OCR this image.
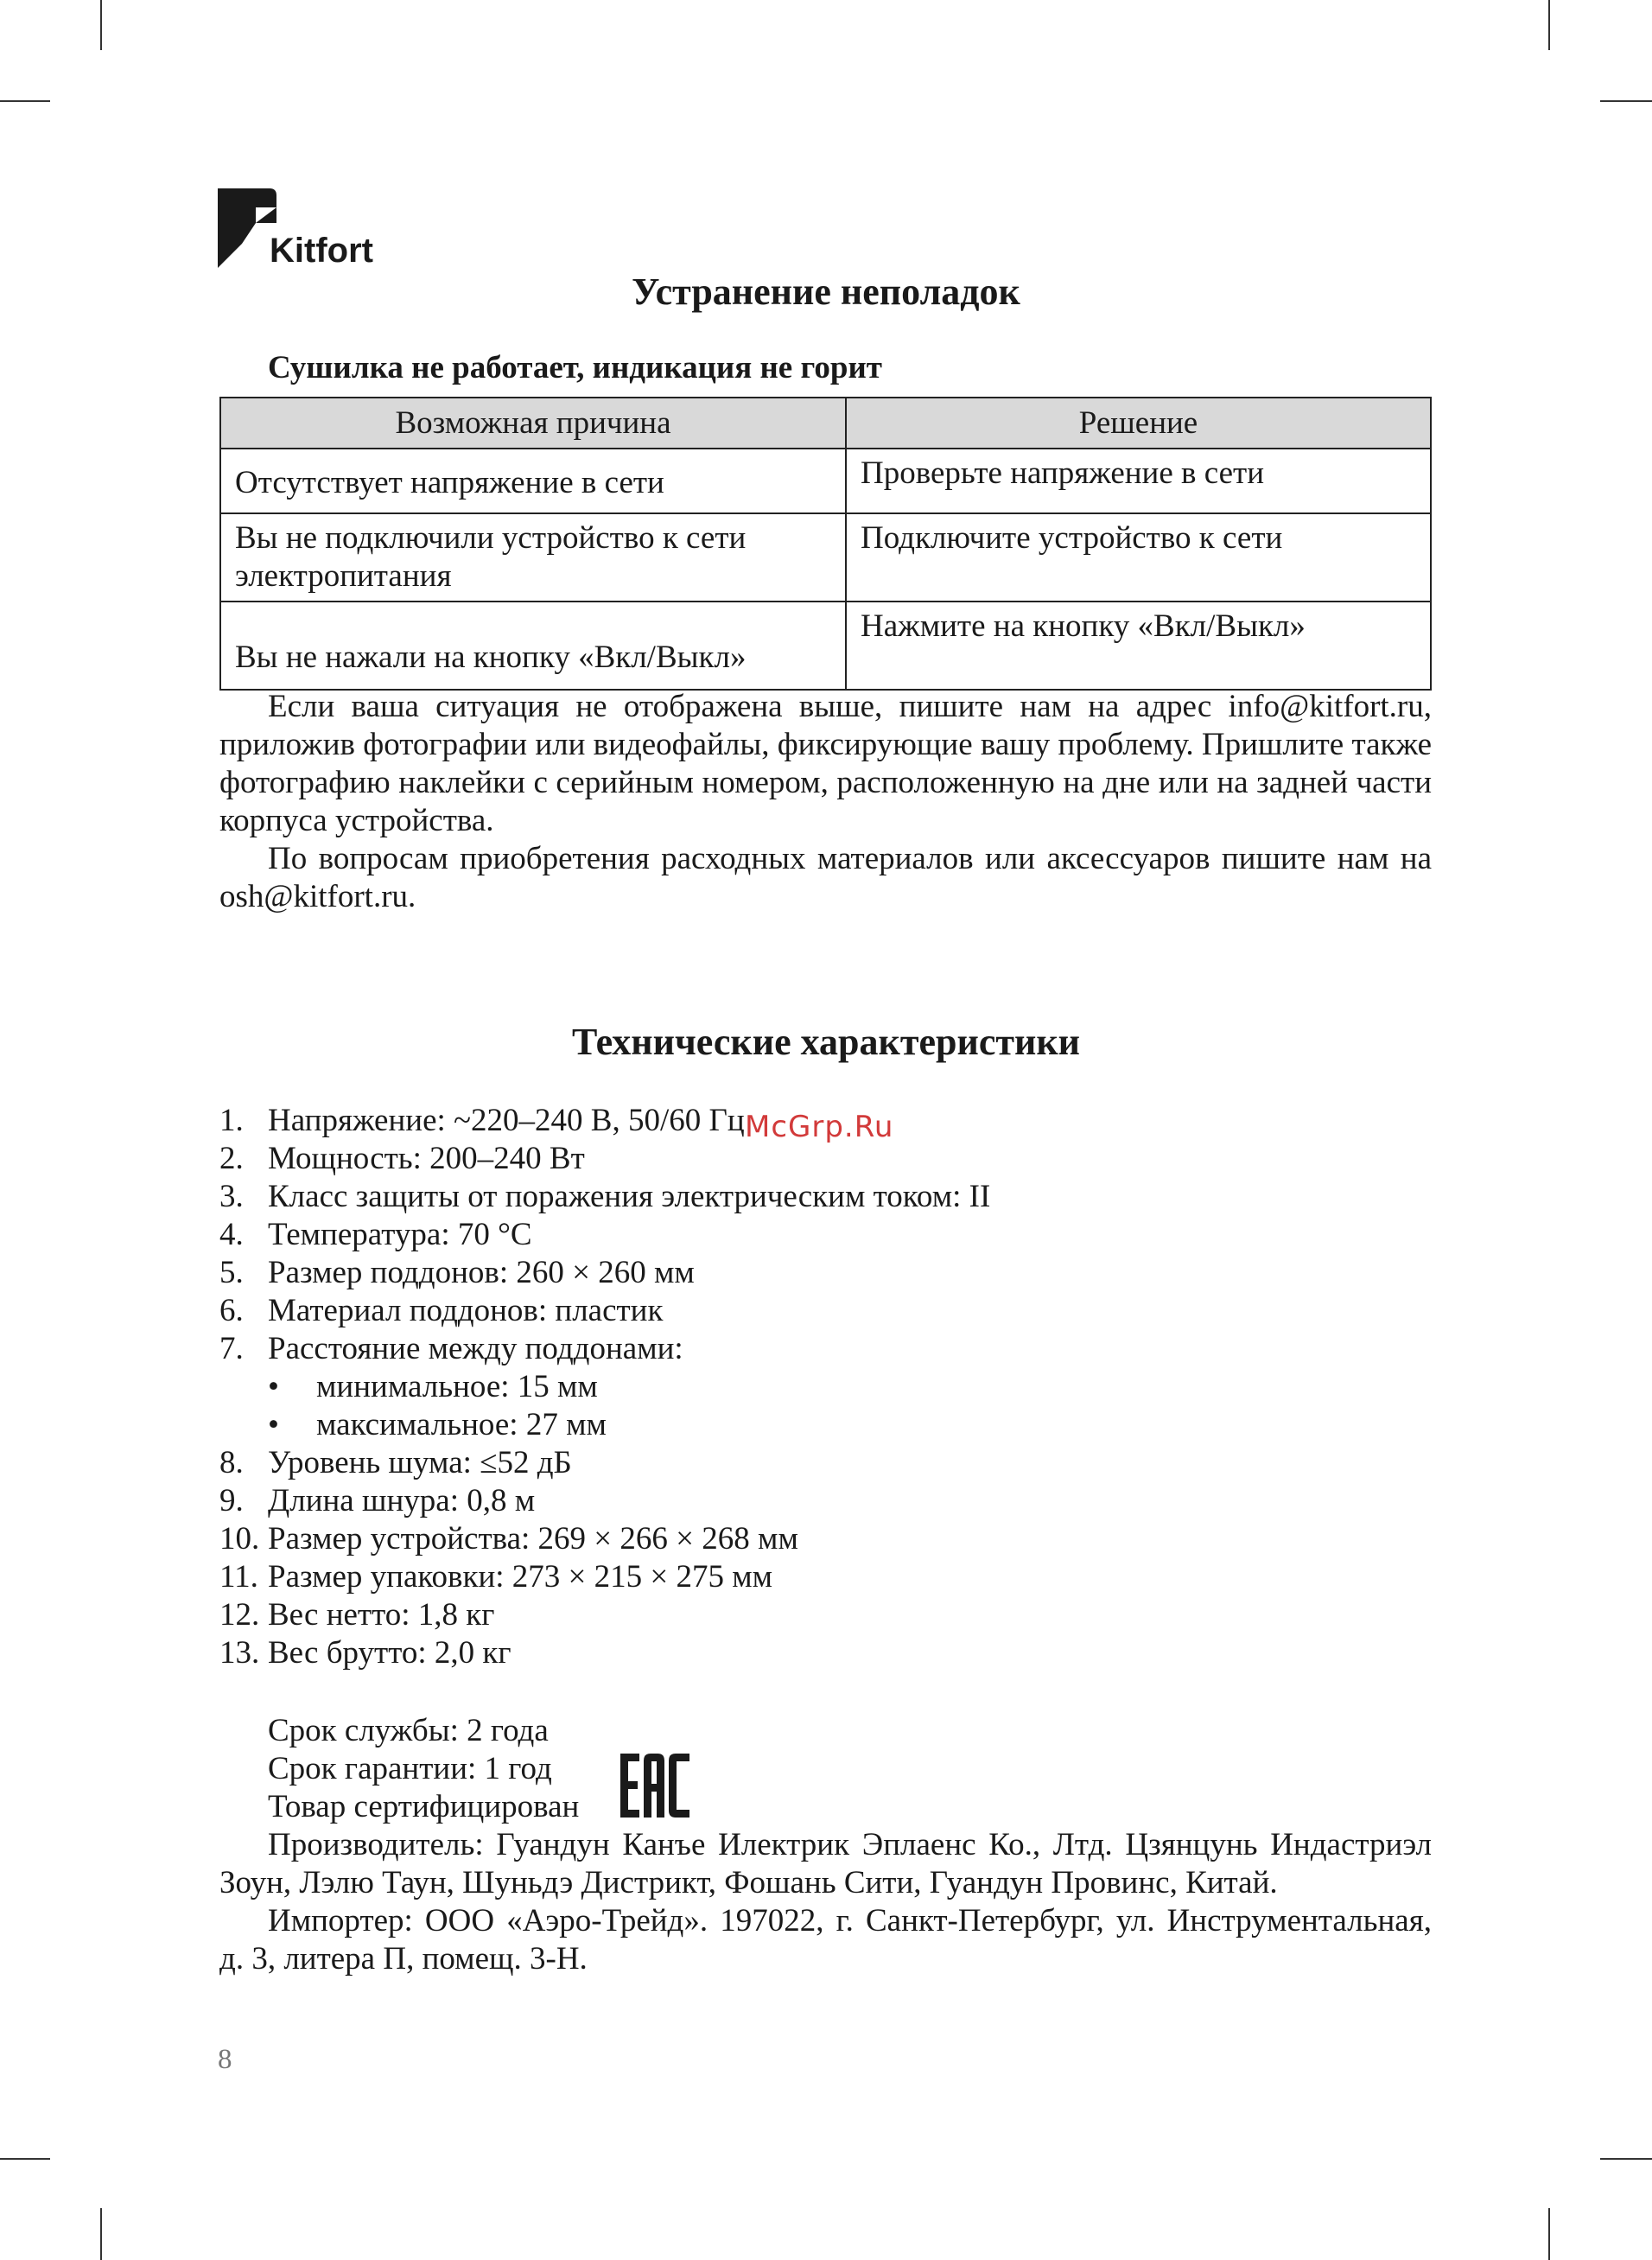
Kitfort
Устранение неполадок

Сушилка не работает, индикация не горит

Возможная причина	Решение
Отсутствует напряжение в сети	Проверьте напряжение в сети
Вы не подключили устройство к сети электропитания	Подключите устройство к сети
Вы не нажали на кнопку «Вкл/Выкл»	Нажмите на кнопку «Вкл/Выкл»

Если ваша ситуация не отображена выше, пишите нам на адрес info@kitfort.ru, приложив фотографии или видеофайлы, фиксирующие вашу проблему. Пришлите также фотографию наклейки с серийным номером, расположенную на дне или на задней части корпуса устройства.

По вопросам приобретения расходных материалов или аксессуаров пишите нам на osh@kitfort.ru.

Технические характеристики
1. Напряжение: ~220–240 В, 50/60 Гц
2. Мощность: 200–240 Вт
3. Класс защиты от поражения электрическим током: II
4. Температура: 70 °C
5. Размер поддонов: 260 × 260 мм
6. Материал поддонов: пластик
7. Расстояние между поддонами:
• минимальное: 15 мм
• максимальное: 27 мм
8. Уровень шума: ≤52 дБ
9. Длина шнура: 0,8 м
10. Размер устройства: 269 × 266 × 268 мм
11. Размер упаковки: 273 × 215 × 275 мм
12. Вес нетто: 1,8 кг
13. Вес брутто: 2,0 кг
McGrp.Ru
Срок службы: 2 года
Срок гарантии: 1 год
Товар сертифицирован

Производитель: Гуандун Канъе Илектрик Эплаенс Ко., Лтд. Цзянцунь Индастриэл Зоун, Лэлю Таун, Шуньдэ Дистрикт, Фошань Сити, Гуандун Провинс, Китай.

Импортер: ООО «Аэро-Трейд». 197022, г. Санкт-Петербург, ул. Инструментальная, д. 3, литера П, помещ. 3-Н.

8
